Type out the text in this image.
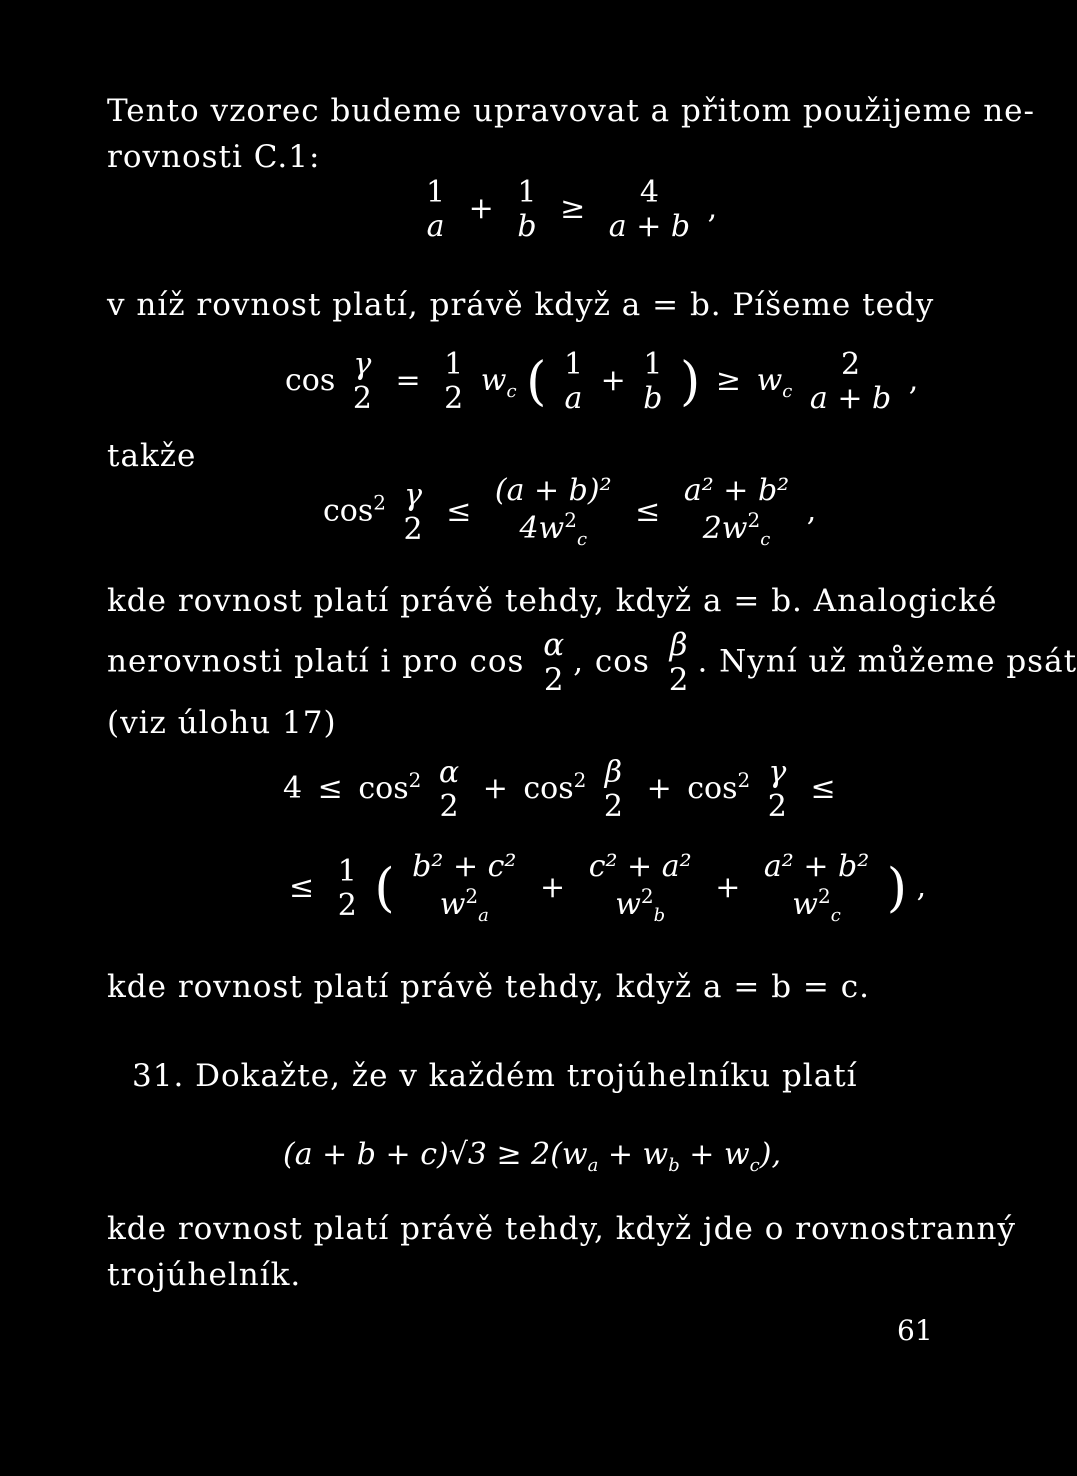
Tento vzorec budeme upravovat a přitom použijeme ne-
rovnosti C.1:
1
a
+ 1
b
≥ 4
a + b
,
v níž rovnost platí, právě když a = b. Píšeme tedy
cos γ
2
= 1
2
$w_c$ ( 1
a
+ 1
b ) ≥ $w_c$
2
a + b
,
takže
$\cos^2 \gamma$
2
≤
(a + b)²
$4w^2_c$
≤
a² + b²
$2w^2_c$
,
kde rovnost platí právě tehdy, když a = b. Analogické
nerovnosti platí i pro cos α
2
, cos β
2
. Nyní už můžeme psát
(viz úlohu 17)
$4 \le \cos^2 \alpha$
2
+ $\cos^2 \beta$
2
+ $\cos^2 \gamma$
2
≤
≤ 1
2 ( b² + c²
$w^2_a$
+
c² + a²
$w^2_b$
+
a² + b²
$w^2_c$ ) ,
kde rovnost platí právě tehdy, když a = b = c.
31. Dokažte, že v každém trojúhelníku platí
$(a + b + c)√3 \ge 2(w_a + w_b + w_c)$,
kde rovnost platí právě tehdy, když jde o rovnostranný
trojúhelník.
61
